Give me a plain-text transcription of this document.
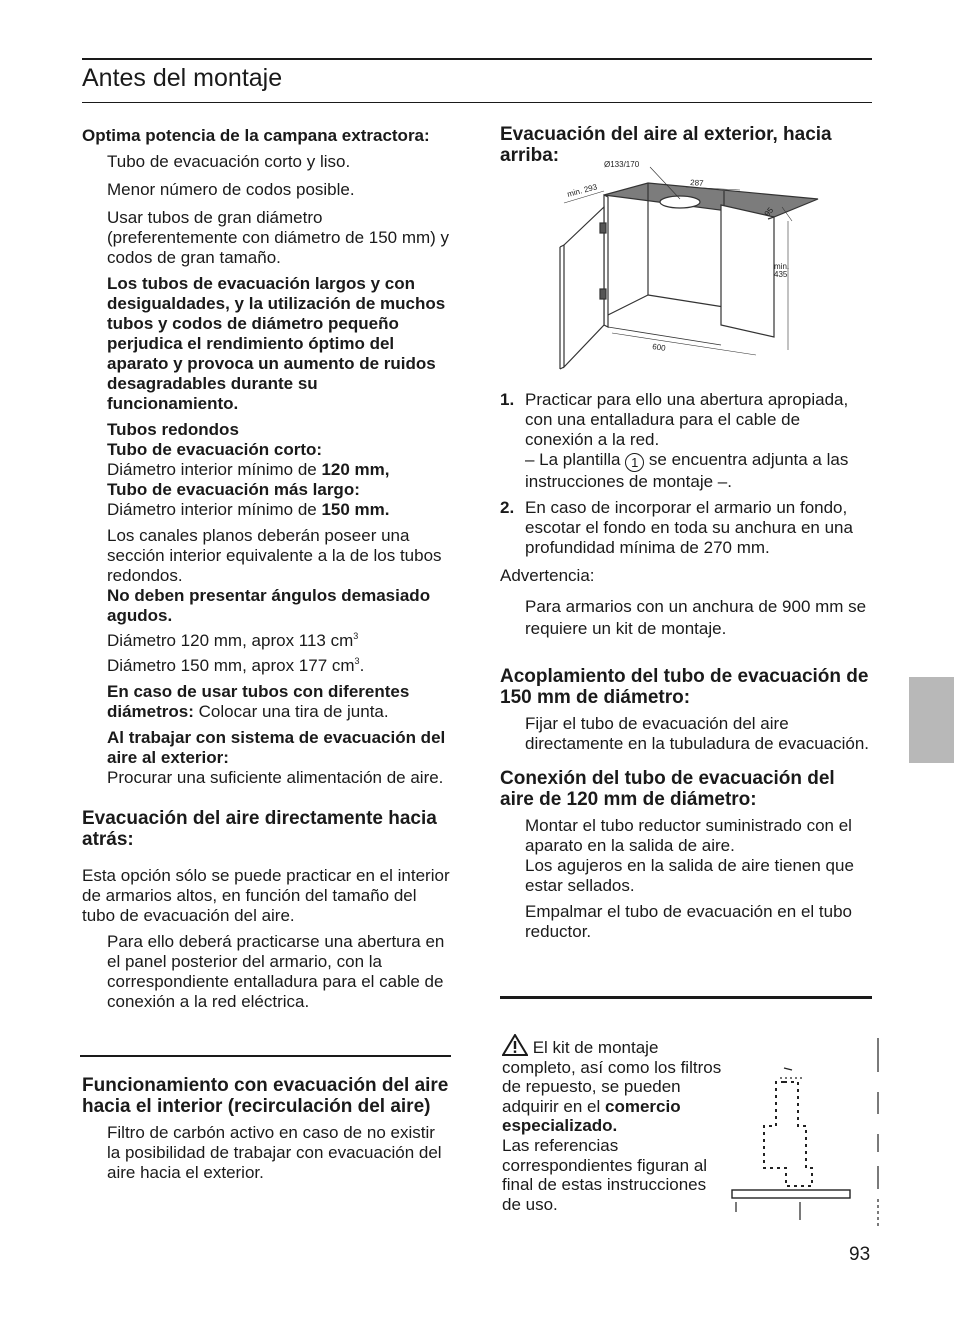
Antes del montaje

Optima potencia de la campana extractora:

Tubo de evacuación corto y liso.

Menor número de codos posible.

Usar tubos de gran diámetro (preferentemente con diámetro de 150 mm) y codos de gran tamaño.

Los tubos de evacuación largos y con desigualdades, y la utilización de muchos tubos y codos de diámetro pequeño perjudica el rendimiento óptimo del aparato y provoca un aumento de ruidos desagradables durante su funcionamiento.

Tubos redondos

Tubo de evacuación corto:

Diámetro interior mínimo de 120 mm,

Tubo de evacuación más largo:

Diámetro interior mínimo de 150 mm.

Los canales planos deberán poseer una sección interior equivalente a la de los tubos redondos.

No deben presentar ángulos demasiado agudos.

Diámetro 120 mm, aprox 113 $cm^3$

Diámetro 150 mm, aprox 177 $cm^3$.

En caso de usar tubos con diferentes diámetros: Colocar una tira de junta.

Al trabajar con sistema de evacuación del aire al exterior:

Procurar una suficiente alimentación de aire.

Evacuación del aire directamente hacia atrás:

Esta opción sólo se puede practicar en el interior de armarios altos, en función del tamaño del tubo de evacuación del aire.

Para ello deberá practicarse una abertura en el panel posterior del armario, con la correspondiente entalladura para el cable de conexión a la red eléctrica.

Funcionamiento con evacuación del aire hacia el interior (recirculación del aire)

Filtro de carbón activo en caso de no existir la posibilidad de trabajar con evacuación del aire hacia el exterior.

Evacuación del aire al exterior, hacia arriba:	Ø133/170
287
min. 293
95
min.
435
600
1. Practicar para ello una abertura apropiada, con una entalladura para el cable de conexión a la red.

– La plantilla 1 se encuentra adjunta a las instrucciones de montaje –.

2. En caso de incorporar el armario un fondo, escotar el fondo en toda su anchura en una profundidad mínima de 270 mm.

Advertencia:

Para armarios con un anchura de 900 mm se requiere un kit de montaje.

Acoplamiento del tubo de evacuación de 150 mm de diámetro:

Fijar el tubo de evacuación del aire directamente en la tubuladura de evacuación.

Conexión del tubo de evacuación del aire de 120 mm de diámetro:

Montar el tubo reductor suministrado con el aparato en la salida de aire.

Los agujeros en la salida de aire tienen que estar sellados.

Empalmar el tubo de evacuación en el tubo reductor.

El kit de montaje completo, así como los filtros de repuesto, se pueden adquirir en el comercio especializado.

Las referencias correspondientes figuran al final de estas instrucciones de uso.

93
